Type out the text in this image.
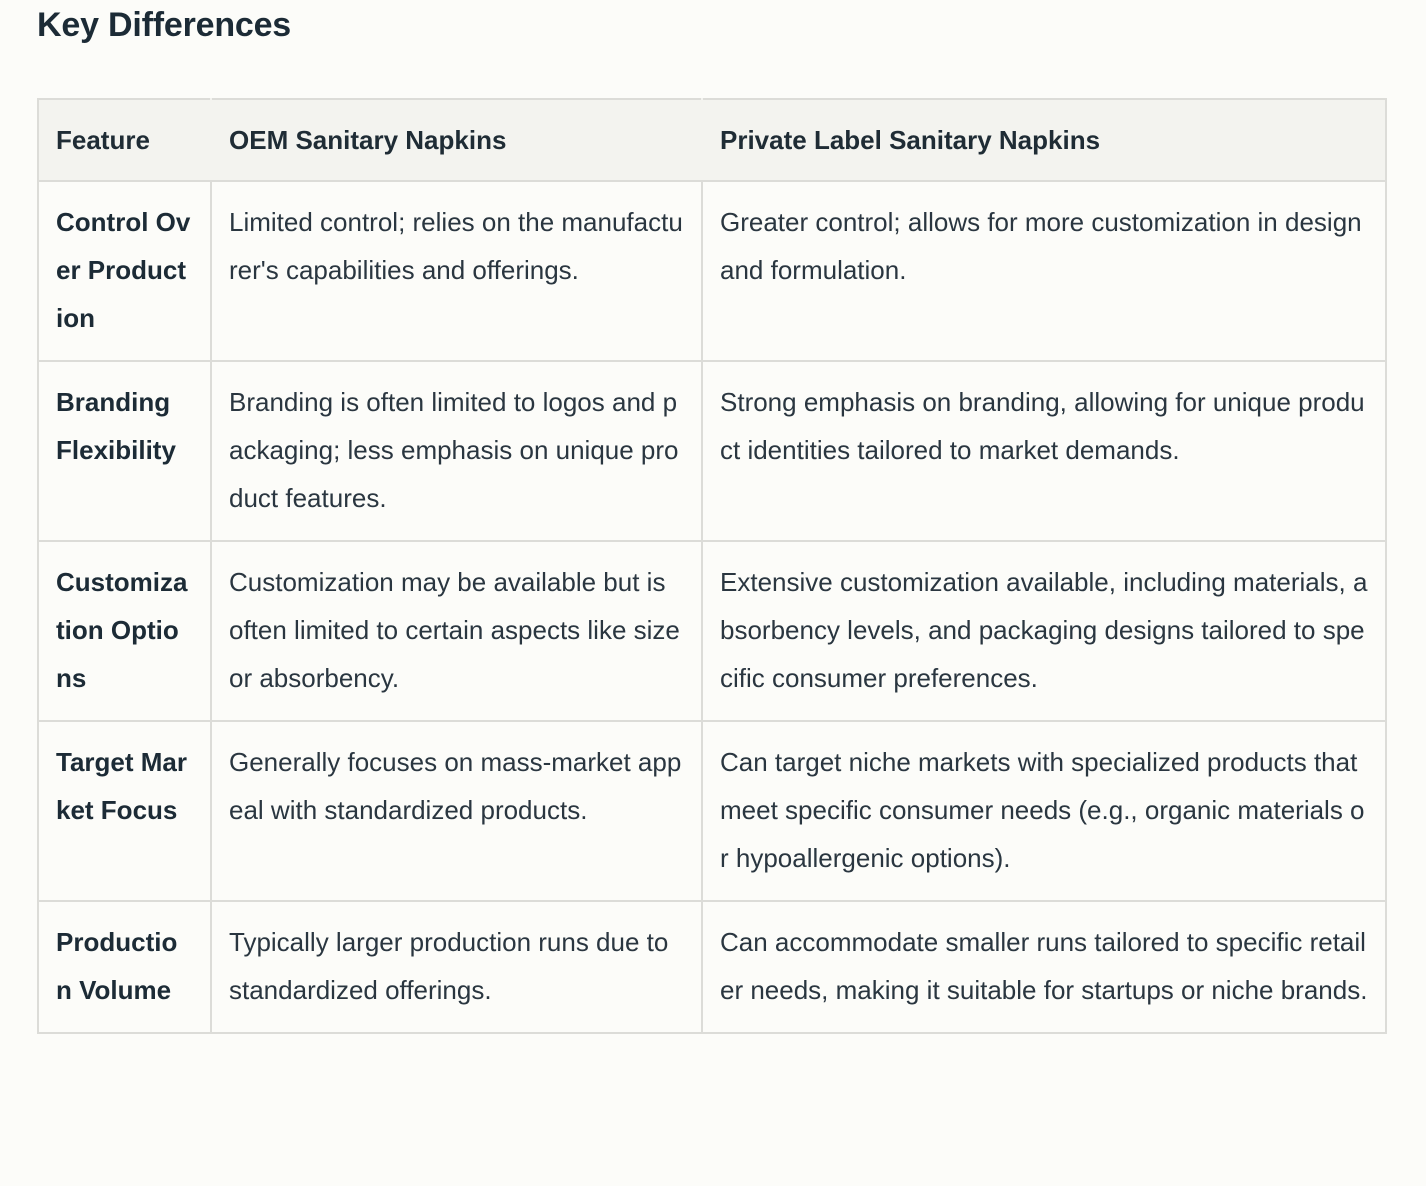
Key Differences
Feature	OEM Sanitary Napkins	Private Label Sanitary Napkins
Control Over Production	Limited control; relies on the manufacturer's capabilities and offerings.	Greater control; allows for more customization in design and formulation.
Branding Flexibility	Branding is often limited to logos and packaging; less emphasis on unique product features.	Strong emphasis on branding, allowing for unique product identities tailored to market demands.
Customization Options	Customization may be available but is often limited to certain aspects like size or absorbency.	Extensive customization available, including materials, absorbency levels, and packaging designs tailored to specific consumer preferences.
Target Market Focus	Generally focuses on mass-market appeal with standardized products.	Can target niche markets with specialized products that meet specific consumer needs (e.g., organic materials or hypoallergenic options).
Production Volume	Typically larger production runs due to standardized offerings.	Can accommodate smaller runs tailored to specific retailer needs, making it suitable for startups or niche brands.
